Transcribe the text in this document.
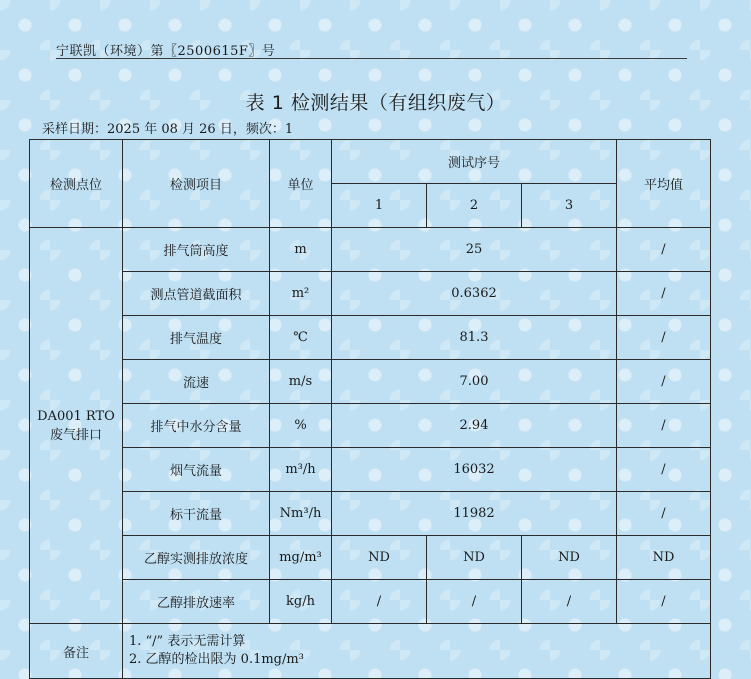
宁联凯（环境）第〖2500615F〗号
表 1 检测结果（有组织废气）
采样日期：2025 年 08 月 26 日，频次：1
检测点位	检测项目	单位	测试序号			平均值
			1	2	3	

DA001 RTO
废气排口	排气筒高度	m	25			/
	测点管道截面积	m²	0.6362			/
	排气温度	℃	81.3			/
	流速	m/s	7.00			/
	排气中水分含量	%	2.94			/
	烟气流量	m³/h	16032			/
	标干流量	Nm³/h	11982			/
	乙醇实测排放浓度	mg/m³	ND	ND	ND	ND
	乙醇排放速率	kg/h	/	/	/	/
备注	1. “/” 表示无需计算
2. 乙醇的检出限为 0.1mg/m³					
